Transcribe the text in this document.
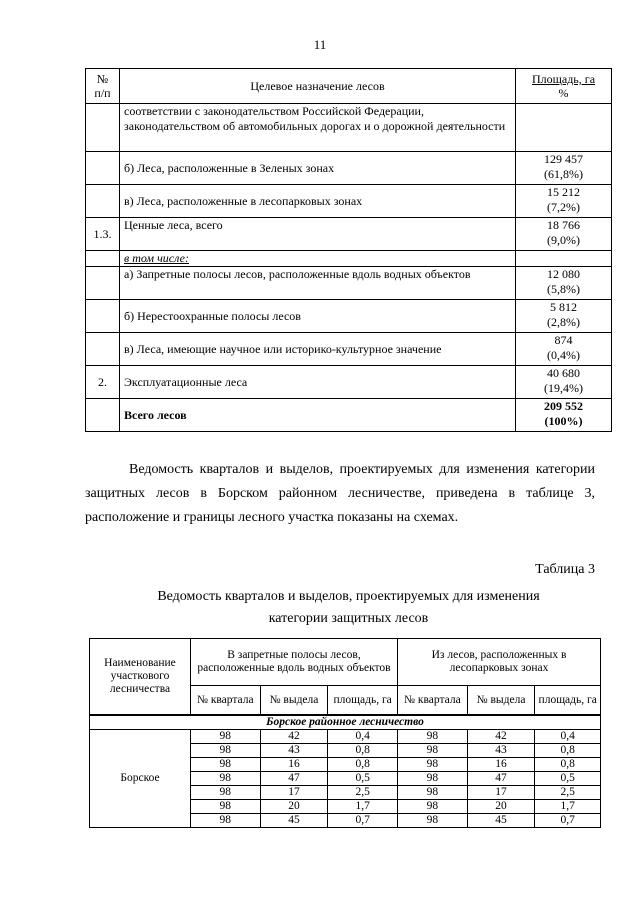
11
№
п/п	Целевое назначение лесов	Площадь, га
%
	соответствии с законодательством Российской Федерации, законодательством об автомобильных дорогах и о дорожной деятельности	
	б) Леса, расположенные в Зеленых зонах	129 457
(61,8%)
	в) Леса, расположенные в лесопарковых зонах	15 212
(7,2%)
1.3.	Ценные леса, всего	18 766
(9,0%)
	в том числе:	
	а) Запретные полосы лесов, расположенные вдоль водных объектов	12 080
(5,8%)
	б) Нерестоохранные полосы лесов	5 812
(2,8%)
	в) Леса, имеющие научное или историко-культурное значение	874
(0,4%)
2.	Эксплуатационные леса	40 680
(19,4%)
	Всего лесов	209 552
(100%)

Ведомость кварталов и выделов, проектируемых для изменения категории защитных лесов в Борском районном лесничестве, приведена в таблице 3, расположение и границы лесного участка показаны на схемах.

Таблица 3
Ведомость кварталов и выделов, проектируемых для изменения
категории защитных лесов
Наименование участкового лесничества	В запретные полосы лесов, расположенные вдоль водных объектов			Из лесов, расположенных в лесопарковых зонах		
	№ квартала	№ выдела	площадь, га	№ квартала	№ выдела	площадь, га
Борское районное лесничество						
Борское	98	42	0,4	98	42	0,4
	98	43	0,8	98	43	0,8
	98	16	0,8	98	16	0,8
	98	47	0,5	98	47	0,5
	98	17	2,5	98	17	2,5
	98	20	1,7	98	20	1,7
	98	45	0,7	98	45	0,7
